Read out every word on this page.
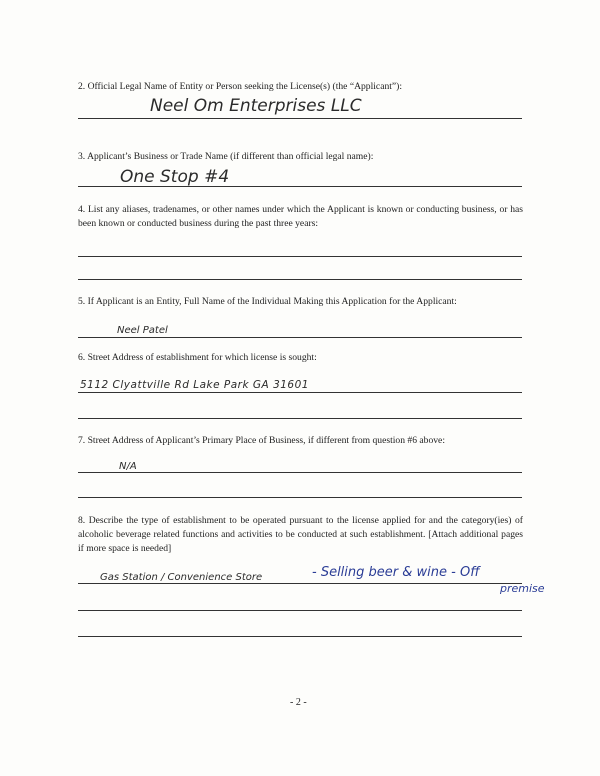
2. Official Legal Name of Entity or Person seeking the License(s) (the “Applicant”):
Neel Om Enterprises LLC
3. Applicant’s Business or Trade Name (if different than official legal name):
One Stop #4
4. List any aliases, tradenames, or other names under which the Applicant is known or conducting business, or has been known or conducted business during the past three years:
5. If Applicant is an Entity, Full Name of the Individual Making this Application for the Applicant:
Neel Patel
6. Street Address of establishment for which license is sought:
5112 Clyattville Rd Lake Park GA 31601
7. Street Address of Applicant’s Primary Place of Business, if different from question #6 above:
N/A
8. Describe the type of establishment to be operated pursuant to the license applied for and the category(ies) of alcoholic beverage related functions and activities to be conducted at such establishment. [Attach additional pages if more space is needed]
Gas Station / Convenience Store	- Selling beer & wine - Off
premise
- 2 -
